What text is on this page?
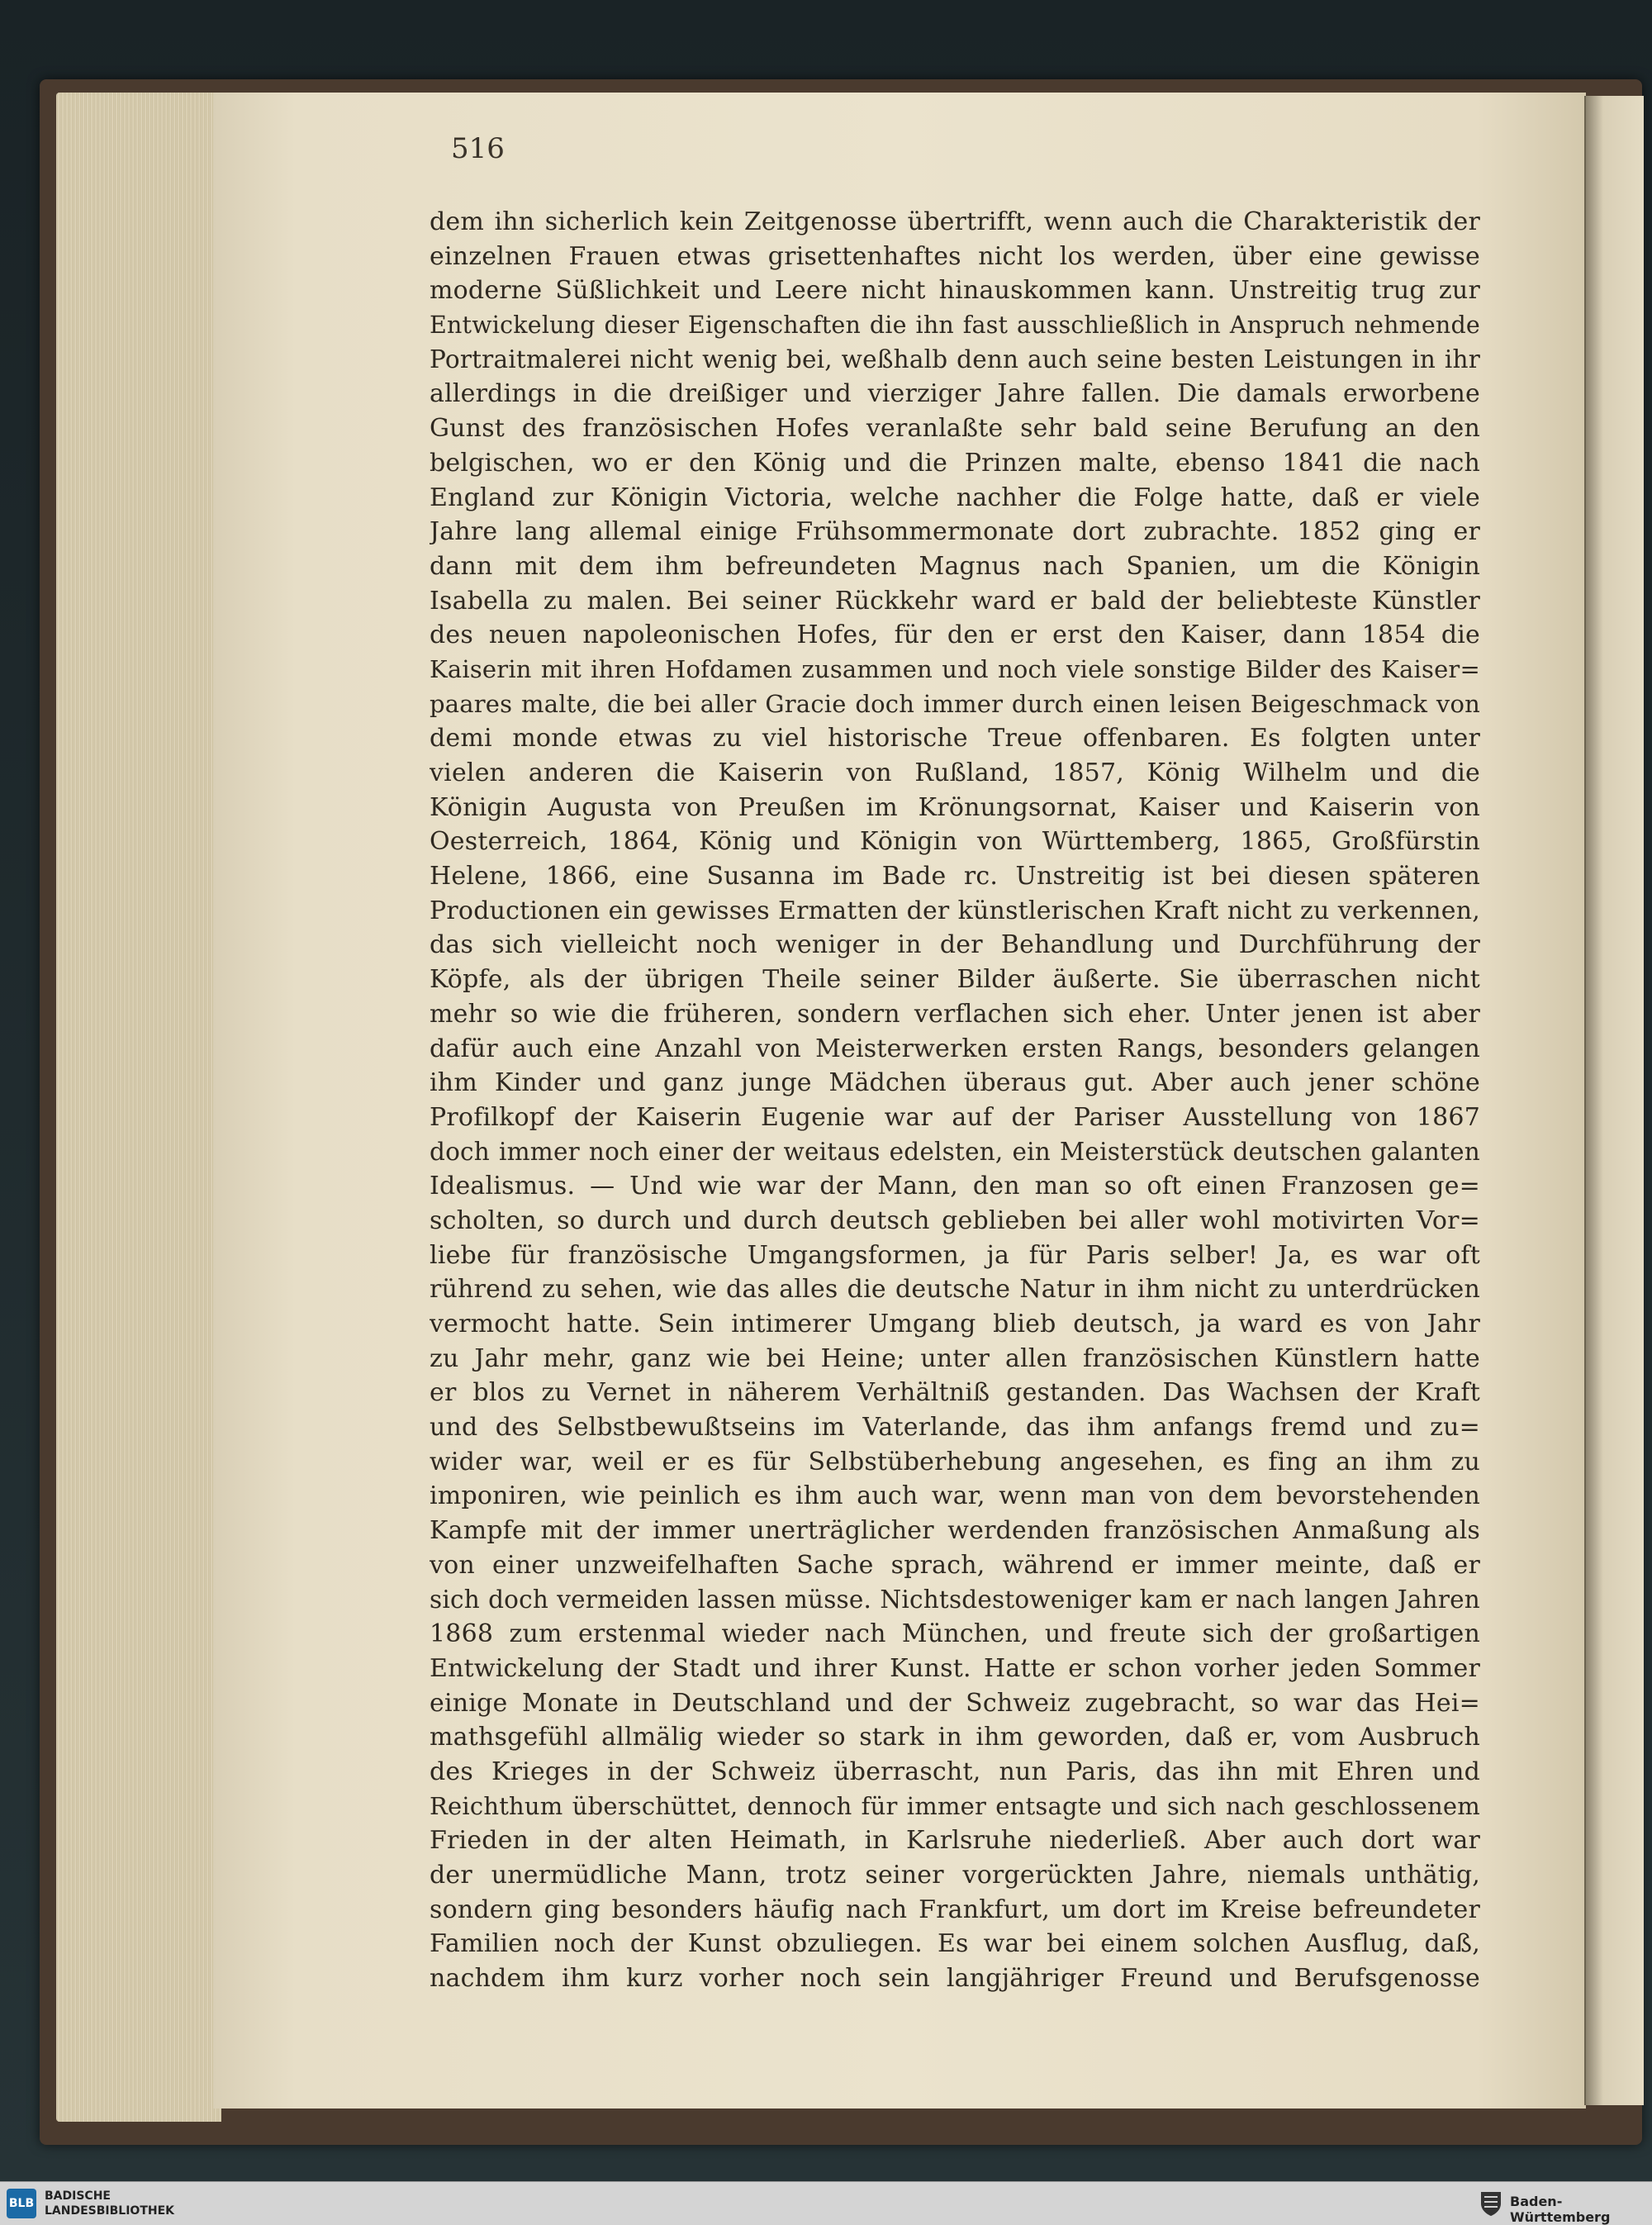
516
dem ihn sicherlich kein Zeitgenosse übertrifft, wenn auch die Charakteristik der
einzelnen Frauen etwas grisettenhaftes nicht los werden, über eine gewisse
moderne Süßlichkeit und Leere nicht hinauskommen kann. Unstreitig trug zur
Entwickelung dieser Eigenschaften die ihn fast ausschließlich in Anspruch nehmende
Portraitmalerei nicht wenig bei, weßhalb denn auch seine besten Leistungen in ihr
allerdings in die dreißiger und vierziger Jahre fallen. Die damals erworbene
Gunst des französischen Hofes veranlaßte sehr bald seine Berufung an den
belgischen, wo er den König und die Prinzen malte, ebenso 1841 die nach
England zur Königin Victoria, welche nachher die Folge hatte, daß er viele
Jahre lang allemal einige Frühsommermonate dort zubrachte. 1852 ging er
dann mit dem ihm befreundeten Magnus nach Spanien, um die Königin
Isabella zu malen. Bei seiner Rückkehr ward er bald der beliebteste Künstler
des neuen napoleonischen Hofes, für den er erst den Kaiser, dann 1854 die
Kaiserin mit ihren Hofdamen zusammen und noch viele sonstige Bilder des Kaiser=
paares malte, die bei aller Gracie doch immer durch einen leisen Beigeschmack von
demi monde etwas zu viel historische Treue offenbaren. Es folgten unter
vielen anderen die Kaiserin von Rußland, 1857, König Wilhelm und die
Königin Augusta von Preußen im Krönungsornat, Kaiser und Kaiserin von
Oesterreich, 1864, König und Königin von Württemberg, 1865, Großfürstin
Helene, 1866, eine Susanna im Bade rc. Unstreitig ist bei diesen späteren
Productionen ein gewisses Ermatten der künstlerischen Kraft nicht zu verkennen,
das sich vielleicht noch weniger in der Behandlung und Durchführung der
Köpfe, als der übrigen Theile seiner Bilder äußerte. Sie überraschen nicht
mehr so wie die früheren, sondern verflachen sich eher. Unter jenen ist aber
dafür auch eine Anzahl von Meisterwerken ersten Rangs, besonders gelangen
ihm Kinder und ganz junge Mädchen überaus gut. Aber auch jener schöne
Profilkopf der Kaiserin Eugenie war auf der Pariser Ausstellung von 1867
doch immer noch einer der weitaus edelsten, ein Meisterstück deutschen galanten
Idealismus. — Und wie war der Mann, den man so oft einen Franzosen ge=
scholten, so durch und durch deutsch geblieben bei aller wohl motivirten Vor=
liebe für französische Umgangsformen, ja für Paris selber! Ja, es war oft
rührend zu sehen, wie das alles die deutsche Natur in ihm nicht zu unterdrücken
vermocht hatte. Sein intimerer Umgang blieb deutsch, ja ward es von Jahr
zu Jahr mehr, ganz wie bei Heine; unter allen französischen Künstlern hatte
er blos zu Vernet in näherem Verhältniß gestanden. Das Wachsen der Kraft
und des Selbstbewußtseins im Vaterlande, das ihm anfangs fremd und zu=
wider war, weil er es für Selbstüberhebung angesehen, es fing an ihm zu
imponiren, wie peinlich es ihm auch war, wenn man von dem bevorstehenden
Kampfe mit der immer unerträglicher werdenden französischen Anmaßung als
von einer unzweifelhaften Sache sprach, während er immer meinte, daß er
sich doch vermeiden lassen müsse. Nichtsdestoweniger kam er nach langen Jahren
1868 zum erstenmal wieder nach München, und freute sich der großartigen
Entwickelung der Stadt und ihrer Kunst. Hatte er schon vorher jeden Sommer
einige Monate in Deutschland und der Schweiz zugebracht, so war das Hei=
mathsgefühl allmälig wieder so stark in ihm geworden, daß er, vom Ausbruch
des Krieges in der Schweiz überrascht, nun Paris, das ihn mit Ehren und
Reichthum überschüttet, dennoch für immer entsagte und sich nach geschlossenem
Frieden in der alten Heimath, in Karlsruhe niederließ. Aber auch dort war
der unermüdliche Mann, trotz seiner vorgerückten Jahre, niemals unthätig,
sondern ging besonders häufig nach Frankfurt, um dort im Kreise befreundeter
Familien noch der Kunst obzuliegen. Es war bei einem solchen Ausflug, daß,
nachdem ihm kurz vorher noch sein langjähriger Freund und Berufsgenosse
BLB
BADISCHE
LANDESBIBLIOTHEK
Baden-Württemberg
